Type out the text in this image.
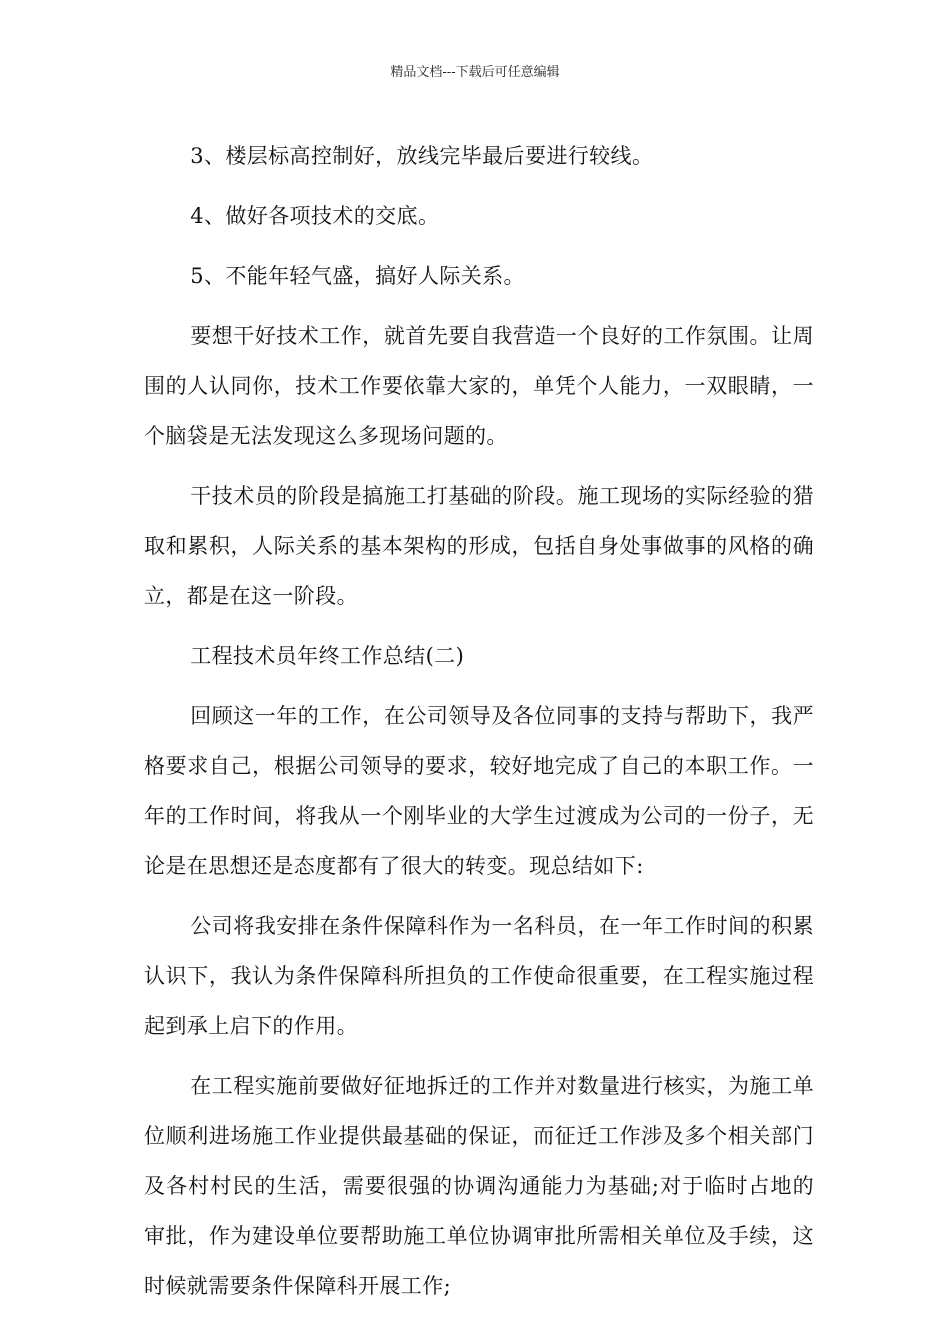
精品文档---下载后可任意编辑

3、楼层标高控制好，放线完毕最后要进行较线。

4、做好各项技术的交底。

5、不能年轻气盛，搞好人际关系。

要想干好技术工作，就首先要自我营造一个良好的工作氛围。让周围的人认同你，技术工作要依靠大家的，单凭个人能力，一双眼睛，一个脑袋是无法发现这么多现场问题的。

干技术员的阶段是搞施工打基础的阶段。施工现场的实际经验的猎取和累积，人际关系的基本架构的形成，包括自身处事做事的风格的确立，都是在这一阶段。

工程技术员年终工作总结(二)

回顾这一年的工作，在公司领导及各位同事的支持与帮助下，我严格要求自己，根据公司领导的要求，较好地完成了自己的本职工作。一年的工作时间，将我从一个刚毕业的大学生过渡成为公司的一份子，无论是在思想还是态度都有了很大的转变。现总结如下:

公司将我安排在条件保障科作为一名科员，在一年工作时间的积累认识下，我认为条件保障科所担负的工作使命很重要，在工程实施过程起到承上启下的作用。

在工程实施前要做好征地拆迁的工作并对数量进行核实，为施工单位顺利进场施工作业提供最基础的保证，而征迁工作涉及多个相关部门及各村村民的生活，需要很强的协调沟通能力为基础;对于临时占地的审批，作为建设单位要帮助施工单位协调审批所需相关单位及手续，这时候就需要条件保障科开展工作;
